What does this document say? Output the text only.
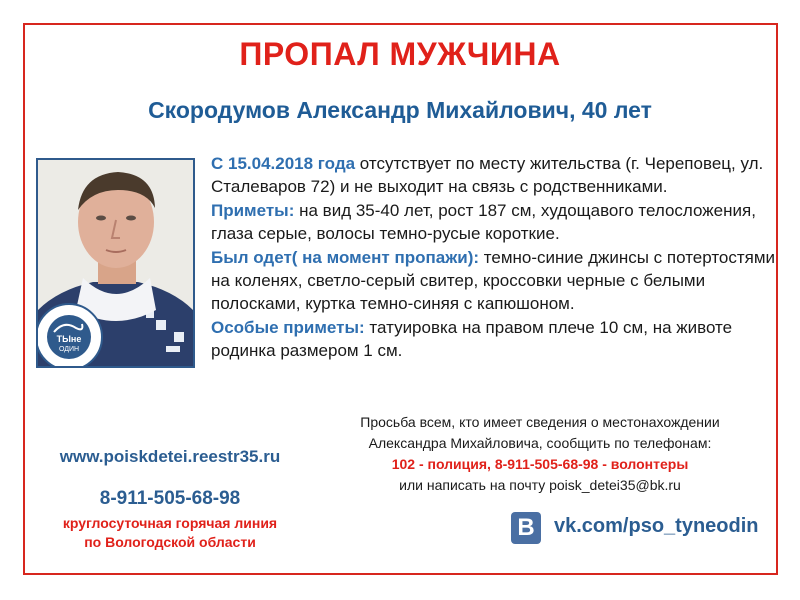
ПРОПАЛ МУЖЧИНА
Скородумов Александр Михайлович, 40 лет
ТЫне
ОДИН
С 15.04.2018 года отсутствует по месту жительства (г. Череповец, ул. Сталеваров 72) и не выходит на связь с родственниками.
Приметы: на вид 35-40 лет, рост 187 см, худощавого телосложения, глаза серые, волосы темно-русые короткие.
Был одет( на момент пропажи): темно-синие джинсы с потертостями на коленях, светло-серый свитер, кроссовки черные с белыми полосками, куртка темно-синяя с капюшоном.
Особые приметы: татуировка на правом плече 10 см, на животе родинка размером 1 см.
Просьба всем, кто имеет сведения о местонахождении
Александра Михайловича, сообщить по телефонам:
102 - полиция, 8-911-505-68-98 - волонтеры
или написать на почту poisk_detei35@bk.ru
www.poiskdetei.reestr35.ru
8-911-505-68-98
круглосуточная горячая линия
по Вологодской области
В vk.com/pso_tyneodin
